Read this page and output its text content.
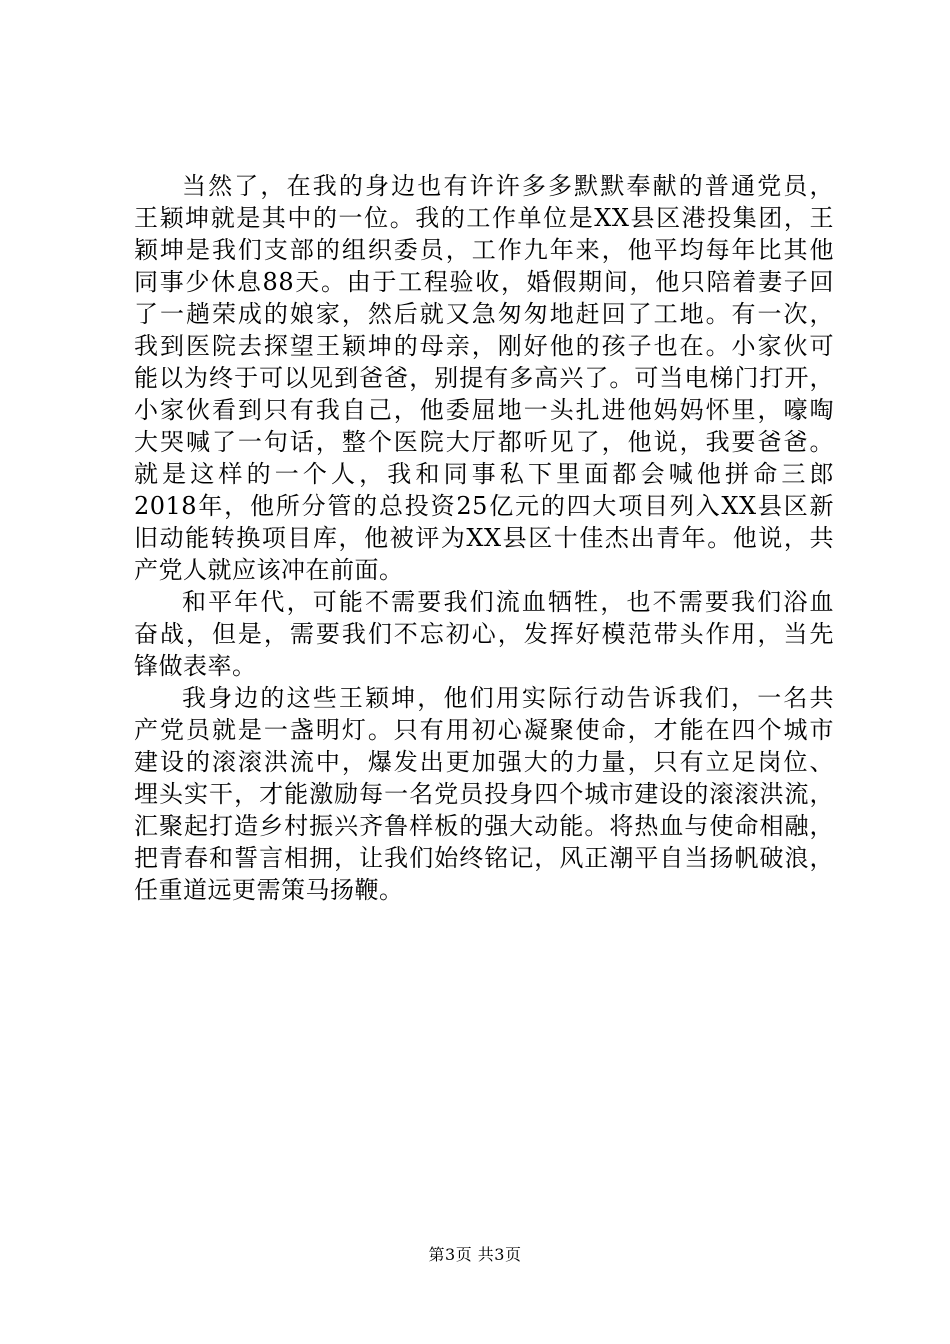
当然了，在我的身边也有许许多多默默奉献的普通党员，
王颖坤就是其中的一位。我的工作单位是XX县区港投集团，王
颖坤是我们支部的组织委员，工作九年来，他平均每年比其他
同事少休息88天。由于工程验收，婚假期间，他只陪着妻子回
了一趟荣成的娘家，然后就又急匆匆地赶回了工地。有一次，
我到医院去探望王颖坤的母亲，刚好他的孩子也在。小家伙可
能以为终于可以见到爸爸，别提有多高兴了。可当电梯门打开，
小家伙看到只有我自己，他委屈地一头扎进他妈妈怀里，嚎啕
大哭喊了一句话，整个医院大厅都听见了，他说，我要爸爸。
就是这样的一个人，我和同事私下里面都会喊他拼命三郎
2018年，他所分管的总投资25亿元的四大项目列入XX县区新
旧动能转换项目库，他被评为XX县区十佳杰出青年。他说，共
产党人就应该冲在前面。
和平年代，可能不需要我们流血牺牲，也不需要我们浴血
奋战，但是，需要我们不忘初心，发挥好模范带头作用，当先
锋做表率。
我身边的这些王颖坤，他们用实际行动告诉我们，一名共
产党员就是一盏明灯。只有用初心凝聚使命，才能在四个城市
建设的滚滚洪流中，爆发出更加强大的力量，只有立足岗位、
埋头实干，才能激励每一名党员投身四个城市建设的滚滚洪流，
汇聚起打造乡村振兴齐鲁样板的强大动能。将热血与使命相融，
把青春和誓言相拥，让我们始终铭记，风正潮平自当扬帆破浪，
任重道远更需策马扬鞭。
第3页 共3页
